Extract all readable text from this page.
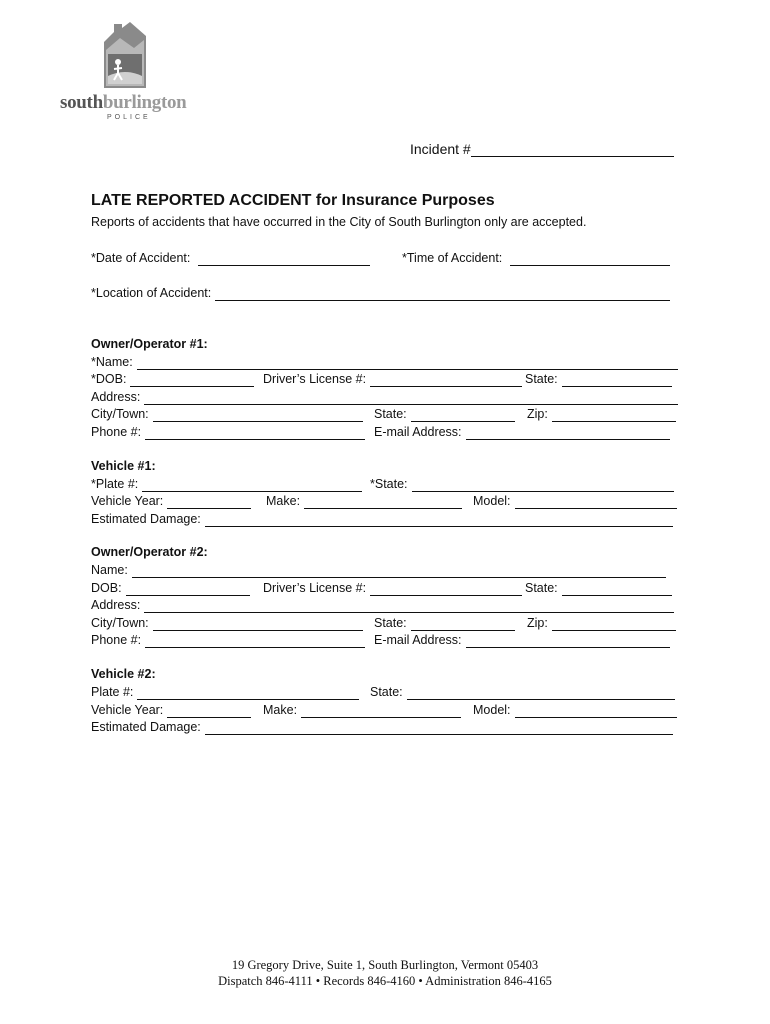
southburlington
POLICE
Incident #
LATE REPORTED ACCIDENT for Insurance Purposes
Reports of accidents that have occurred in the City of South Burlington only are accepted.
*Date of Accident:	*Time of Accident:
*Location of Accident:
Owner/Operator #1:
*Name:
*DOB:	Driver’s License #:	State:
Address:
City/Town:	State:	Zip:
Phone #:	E-mail Address:
Vehicle #1:
*Plate #:	*State:
Vehicle Year:	Make:	Model:
Estimated Damage:
Owner/Operator #2:
Name:
DOB:	Driver’s License #:	State:
Address:
City/Town:	State:	Zip:
Phone #:	E-mail Address:
Vehicle #2:
Plate #:	State:
Vehicle Year:	Make:	Model:
Estimated Damage:
19 Gregory Drive, Suite 1, South Burlington, Vermont 05403
Dispatch 846-4111 • Records 846-4160 • Administration 846-4165
